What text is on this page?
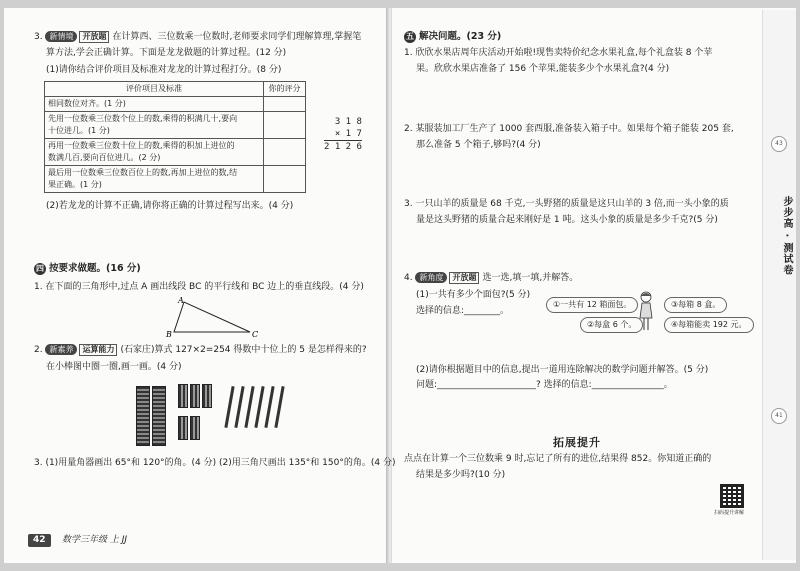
3. 新情境 开放题 在计算西、三位数乘一位数时,老师要求同学们理解算理,掌握笔
算方法,学会正确计算。下面是龙龙做题的计算过程。(12 分)
(1)请你结合评价项目及标准对龙龙的计算过程打分。(8 分)
评价项目及标准	你的评分
相同数位对齐。(1 分)	

先用一位数乘三位数个位上的数,乘得的积满几十,要向
十位进几。(1 分)	

再用一位数乘三位数十位上的数,乘得的积加上进位的
数满几百,要向百位进几。(2 分)	

最后用一位数乘三位数百位上的数,再加上进位的数,结
果正确。(1 分)	

3 1 8
× 1 7
2 1 2 6
(2)若龙龙的计算不正确,请你将正确的计算过程写出来。(4 分)
四 按要求做题。(16 分)
1. 在下面的三角形中,过点 A 画出线段 BC 的平行线和 BC 边上的垂直线段。(4 分)
A
B	C
2. 新素养 运算能力 (石家庄)算式 127×2=254 得数中十位上的 5 是怎样得来的?
在小棒图中圈一圈,画一画。(4 分)
3. (1)用量角器画出 65°和 120°的角。(4 分) (2)用三角尺画出 135°和 150°的角。(4 分)
42	数学三年级 上 JJ
五 解决问题。(23 分)
1. 欣欣水果店周年庆活动开始啦!现售卖特价纪念水果礼盒,每个礼盒装 8 个苹
果。欣欣水果店准备了 156 个苹果,能装多少个水果礼盒?(4 分)
2. 某服装加工厂生产了 1000 套西服,准备装入箱子中。如果每个箱子能装 205 套,
那么准备 5 个箱子,够吗?(4 分)
3. 一只山羊的质量是 68 千克,一头野猪的质量是这只山羊的 3 倍,而一头小象的质
量是这头野猪的质量合起来刚好是 1 吨。这头小象的质量是多少千克?(5 分)
4. 新角度 开放题 选一选,填一填,并解答。
(1)一共有多少个面包?(5 分)
选择的信息:________。
①一共有 12 箱面包。	③每箱 8 盒。
②每盒 6 个。	④每箱能卖 192 元。
(2)请你根据题目中的信息,提出一道用连除解决的数学问题并解答。(5 分)
问题:______________________? 选择的信息:________________。
拓展提升
点点在计算一个三位数乘 9 时,忘记了所有的进位,结果得 852。你知道正确的
结果是多少吗?(10 分)
扫码提升讲解
43
步步高 · 测试卷
41
